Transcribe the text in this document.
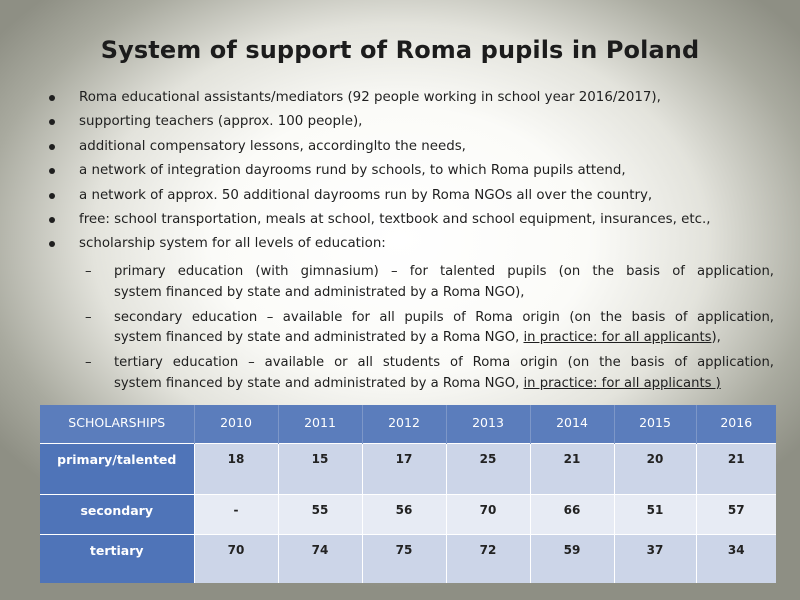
System of support of Roma pupils in Poland
Roma educational assistants/mediators (92 people working in school year 2016/2017),
supporting teachers (approx. 100 people),
additional compensatory lessons, accordinglto the needs,
a network of integration dayrooms rund by schools, to which Roma pupils attend,
a network of approx. 50 additional dayrooms run by Roma NGOs all over the country,
free: school transportation, meals at school, textbook and school equipment, insurances, etc.,
scholarship system for all levels of education:
– primary education (with gimnasium) – for talented pupils (on the basis of application,
system financed by state and administrated by a Roma NGO),
– secondary education – available for all pupils of Roma origin (on the basis of application,
system financed by state and administrated by a Roma NGO, in practice: for all applicants),
– tertiary education – available or all students of Roma origin (on the basis of application,
system financed by state and administrated by a Roma NGO, in practice: for all applicants )
SCHOLARSHIPS	2010	2011	2012	2013	2014	2015	2016
primary/talented	18	15	17	25	21	20	21
secondary	-	55	56	70	66	51	57
tertiary	70	74	75	72	59	37	34
